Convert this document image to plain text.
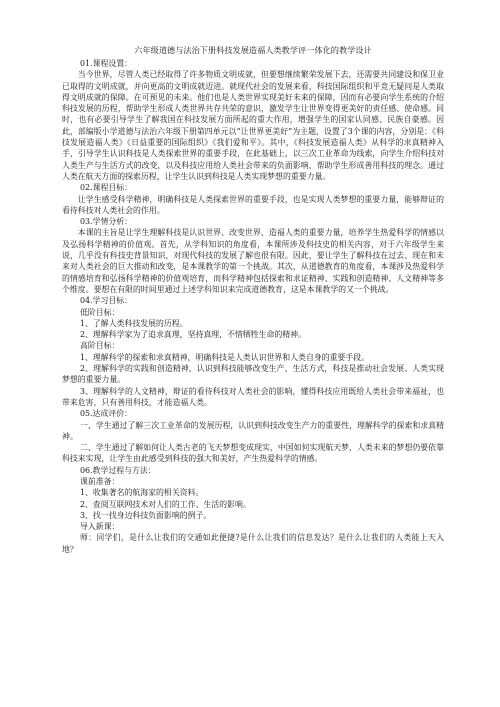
六年级道德与法治下册科技发展造福人类教学评一体化的教学设计

01.课程设置：

当今世界，尽管人类已经取得了许多物质文明成就，但要想继续繁荣发展下去，还需要共同建设和保卫业已取得的文明成就，并向更高的文明成就迈进。就现代社会的发展来看，科技国际组织和平竞无疑问是人类取得文明成就的保障。在可预见的未来。他们也是人类世界实现美好未来的保障，因而有必要向学生系统的介绍科技发展的历程，帮助学生形成人类世界共存共荣的意识，激发学生让世界变得更美好的责任感、使命感。同时，也有必要引导学生了解我国在科技发展方面所起的重大作用，增强学生的国家认同感、民族自豪感。因此，部编版小学道德与法治六年级下册第四单元以“让世界更美好”为主题，设置了3个课的内容，分别是：《科技发展造福人类》《日益重要的国际组织》《我们爱和平》。其中，《科技发展造福人类》从科学的求真精神入手，引导学生认识科技是人类探索世界的重要手段，在此基础上，以三次工业革命为线索，向学生介绍科技对人类生产与生活方式的改变，以及科技应用给人类社会带来的负面影响，帮助学生形成善用科技的理念。通过人类在航天方面的探索历程，让学生认识到科技是人类实现梦想的重要力量。

02.课程目标：

让学生感受科学精神，明确科技是人类探索世界的重要手段，也是实现人类梦想的重要力量，能够辩证的看待科技对人类社会的作用。

03.学情分析：

本课的主旨是让学生理解科技是认识世界、改变世界、造福人类的重要力量，培养学生热爱科学的情感以及弘扬科学精神的价值观。首先，从学科知识的角度看，本课所涉及科技史的相关内容，对于六年级学生来说，几乎没有科技史背景知识，对现代科技的发展了解也很有限。因此，要让学生了解科技在过去、现在和未来对人类社会的巨大推动和改变，是本课教学的第一个挑战。其次，从道德教育的角度看，本课涉及热爱科学的情感培育和弘扬科学精神的价值观培育，而科学精神包括探索和求证精神、实践和创造精神、人文精神等多个维度。要想在有限的时间里通过上述学科知识来完成道德教育，这是本课教学的又一个挑战。

04.学习目标：

低阶目标：

1、了解人类科技发展的历程。

2、理解科学家为了追求真理，坚持真理，不惜牺牲生命的精神。

高阶目标：

1、理解科学的探索和求真精神，明确科技是人类认识世界和人类自身的重要手段。

2、理解科学的实践和创造精神，认识到科技能够改变生产、生活方式，科技是推动社会发展、人类实现梦想的重要力量。

3、理解科学的人文精神，辩证的看待科技对人类社会的影响，懂得科技应用既给人类社会带来福祉，也带来危害，只有善用科技，才能造福人类。

05.达成评价：

一、学生通过了解三次工业革命的发展历程，认识到科技改变生产力的重要性，理解科学的探索和求真精神。

二、学生通过了解如何让人类古老的飞天梦想变成现实，中国如何实现航天梦，人类未来的梦想仍要依靠科技来实现，让学生由此感受到科技的强大和美好，产生热爱科学的情感。

06.教学过程与方法：

课前准备：

1、收集著名的航海家的相关资料。

2、查阅互联网技术对人们的工作、生活的影响。

3、找一找身边科技负面影响的例子。

导入新课：

师：同学们，是什么让我们的交通如此便捷?是什么让我们的信息发达？是什么让我们的人类能上天入地？
